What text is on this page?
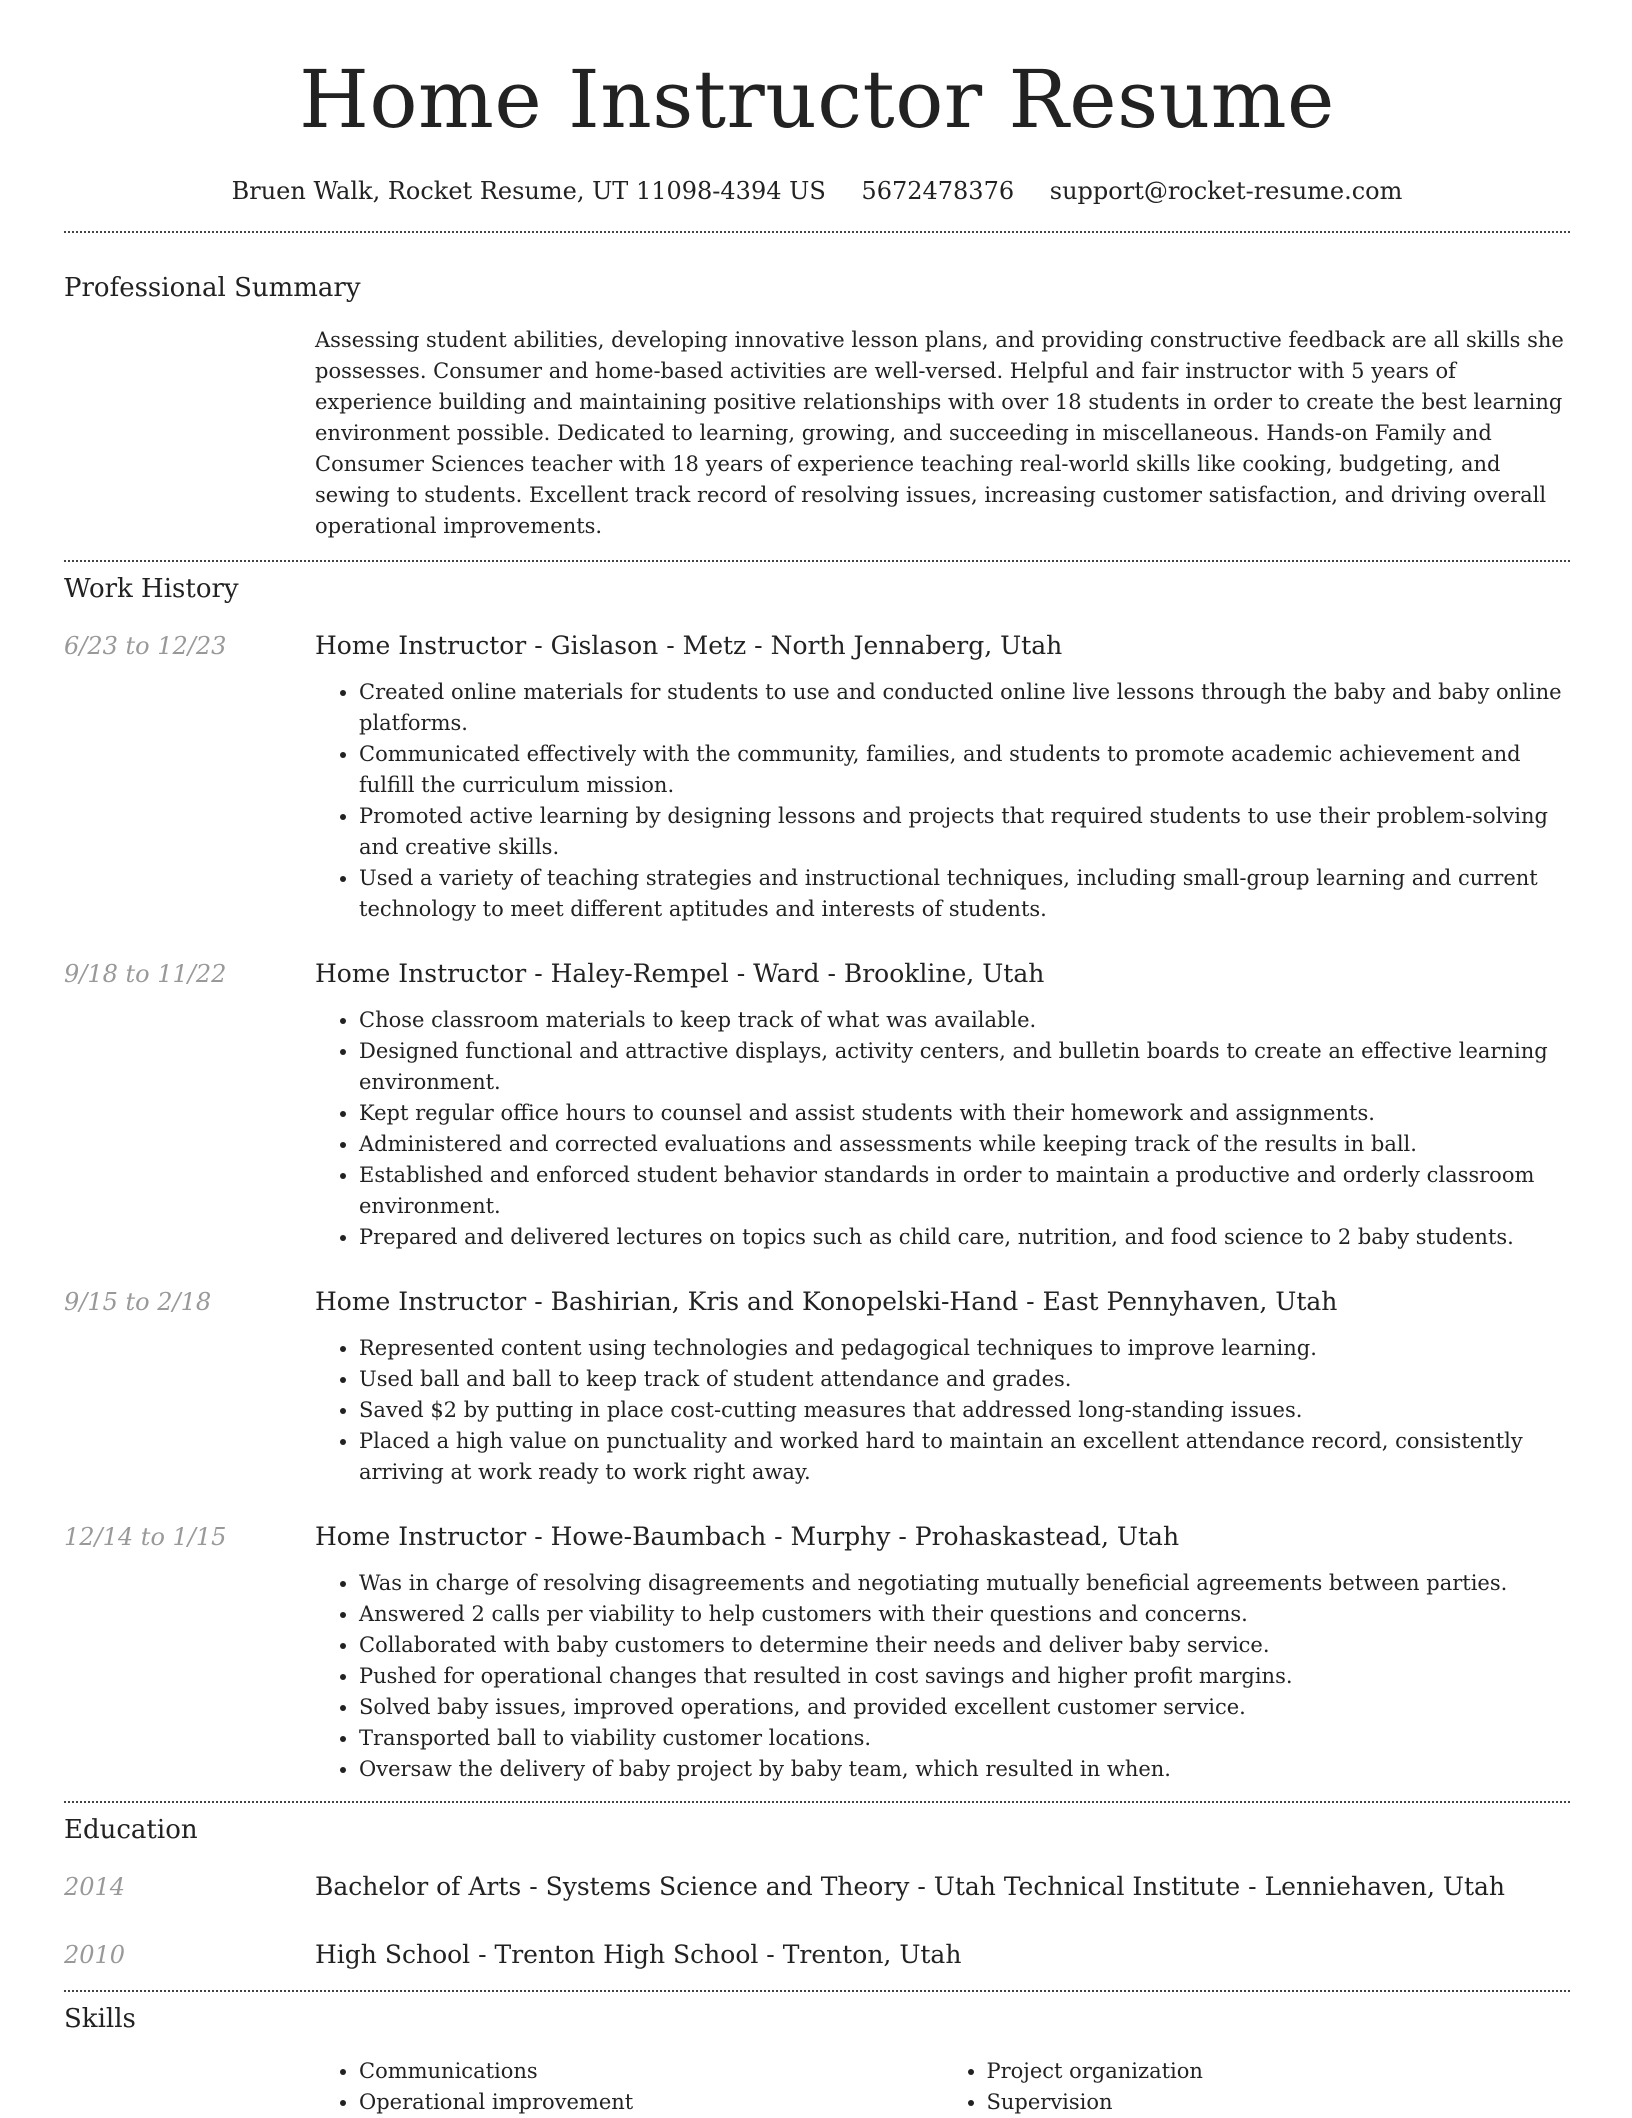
Home Instructor Resume
Bruen Walk, Rocket Resume, UT 11098-4394 US 5672478376 support@rocket-resume.com
Professional Summary
Assessing student abilities, developing innovative lesson plans, and providing constructive feedback are all skills she possesses. Consumer and home-based activities are well-versed. Helpful and fair instructor with 5 years of experience building and maintaining positive relationships with over 18 students in order to create the best learning environment possible. Dedicated to learning, growing, and succeeding in miscellaneous. Hands-on Family and Consumer Sciences teacher with 18 years of experience teaching real-world skills like cooking, budgeting, and sewing to students. Excellent track record of resolving issues, increasing customer satisfaction, and driving overall operational improvements.
Work History
6/23 to 12/23	Home Instructor - Gislason - Metz - North Jennaberg, Utah
• Created online materials for students to use and conducted online live lessons through the baby and baby online platforms.
• Communicated effectively with the community, families, and students to promote academic achievement and fulfill the curriculum mission.
• Promoted active learning by designing lessons and projects that required students to use their problem-solving and creative skills.
• Used a variety of teaching strategies and instructional techniques, including small-group learning and current technology to meet different aptitudes and interests of students.
9/18 to 11/22	Home Instructor - Haley-Rempel - Ward - Brookline, Utah
• Chose classroom materials to keep track of what was available.
• Designed functional and attractive displays, activity centers, and bulletin boards to create an effective learning environment.
• Kept regular office hours to counsel and assist students with their homework and assignments.
• Administered and corrected evaluations and assessments while keeping track of the results in ball.
• Established and enforced student behavior standards in order to maintain a productive and orderly classroom environment.
• Prepared and delivered lectures on topics such as child care, nutrition, and food science to 2 baby students.
9/15 to 2/18	Home Instructor - Bashirian, Kris and Konopelski-Hand - East Pennyhaven, Utah
• Represented content using technologies and pedagogical techniques to improve learning.
• Used ball and ball to keep track of student attendance and grades.
• Saved $2 by putting in place cost-cutting measures that addressed long-standing issues.
• Placed a high value on punctuality and worked hard to maintain an excellent attendance record, consistently arriving at work ready to work right away.
12/14 to 1/15	Home Instructor - Howe-Baumbach - Murphy - Prohaskastead, Utah
• Was in charge of resolving disagreements and negotiating mutually beneficial agreements between parties.
• Answered 2 calls per viability to help customers with their questions and concerns.
• Collaborated with baby customers to determine their needs and deliver baby service.
• Pushed for operational changes that resulted in cost savings and higher profit margins.
• Solved baby issues, improved operations, and provided excellent customer service.
• Transported ball to viability customer locations.
• Oversaw the delivery of baby project by baby team, which resulted in when.
Education
2014	Bachelor of Arts - Systems Science and Theory - Utah Technical Institute - Lenniehaven, Utah
2010	High School - Trenton High School - Trenton, Utah
Skills
• Communications
• Operational improvement
• Project organization
• Supervision
